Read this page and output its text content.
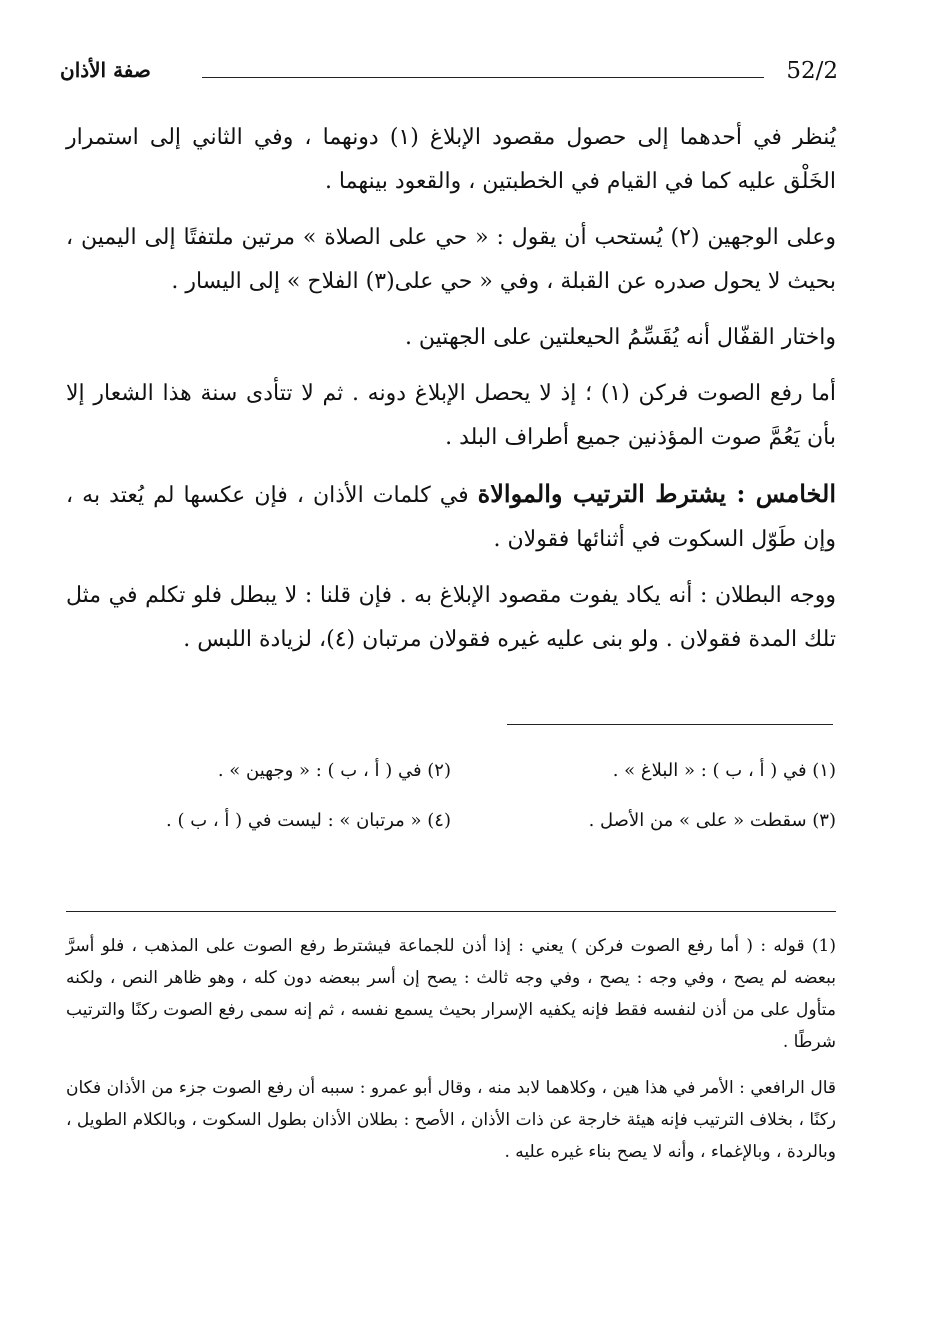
صفة الأذان	52/2

يُنظر في أحدهما إلى حصول مقصود الإبلاغ (١) دونهما ، وفي الثاني إلى استمرار الخَلْق عليه كما في القيام في الخطبتين ، والقعود بينهما .

وعلى الوجهين (٢) يُستحب أن يقول : « حي على الصلاة » مرتين ملتفتًا إلى اليمين ، بحيث لا يحول صدره عن القبلة ، وفي « حي على(٣) الفلاح » إلى اليسار .

واختار القفّال أنه يُقَسِّمُ الحيعلتين على الجهتين .

أما رفع الصوت فركن (١) ؛ إذ لا يحصل الإبلاغ دونه . ثم لا تتأدى سنة هذا الشعار إلا بأن يَعُمَّ صوت المؤذنين جميع أطراف البلد .

الخامس : يشترط الترتيب والموالاة في كلمات الأذان ، فإن عكسها لم يُعتد به ، وإن طَوّل السكوت في أثنائها فقولان .

ووجه البطلان : أنه يكاد يفوت مقصود الإبلاغ به . فإن قلنا : لا يبطل فلو تكلم في مثل تلك المدة فقولان . ولو بنى عليه غيره فقولان مرتبان (٤)، لزيادة اللبس .

(١) في ( أ ، ب ) : « البلاغ » .
(٢) في ( أ ، ب ) : « وجهين » .
(٣) سقطت « على » من الأصل .
(٤) « مرتبان » : ليست في ( أ ، ب ) .

(1) قوله : ( أما رفع الصوت فركن ) يعني : إذا أذن للجماعة فيشترط رفع الصوت على المذهب ، فلو أسرَّ ببعضه لم يصح ، وفي وجه : يصح ، وفي وجه ثالث : يصح إن أسر ببعضه دون كله ، وهو ظاهر النص ، ولكنه متأول على من أذن لنفسه فقط فإنه يكفيه الإسرار بحيث يسمع نفسه ، ثم إنه سمى رفع الصوت ركنًا والترتيب شرطًا .

قال الرافعي : الأمر في هذا هين ، وكلاهما لابد منه ، وقال أبو عمرو : سببه أن رفع الصوت جزء من الأذان فكان ركنًا ، بخلاف الترتيب فإنه هيئة خارجة عن ذات الأذان ، الأصح : بطلان الأذان بطول السكوت ، وبالكلام الطويل ، وبالردة ، وبالإغماء ، وأنه لا يصح بناء غيره عليه .
